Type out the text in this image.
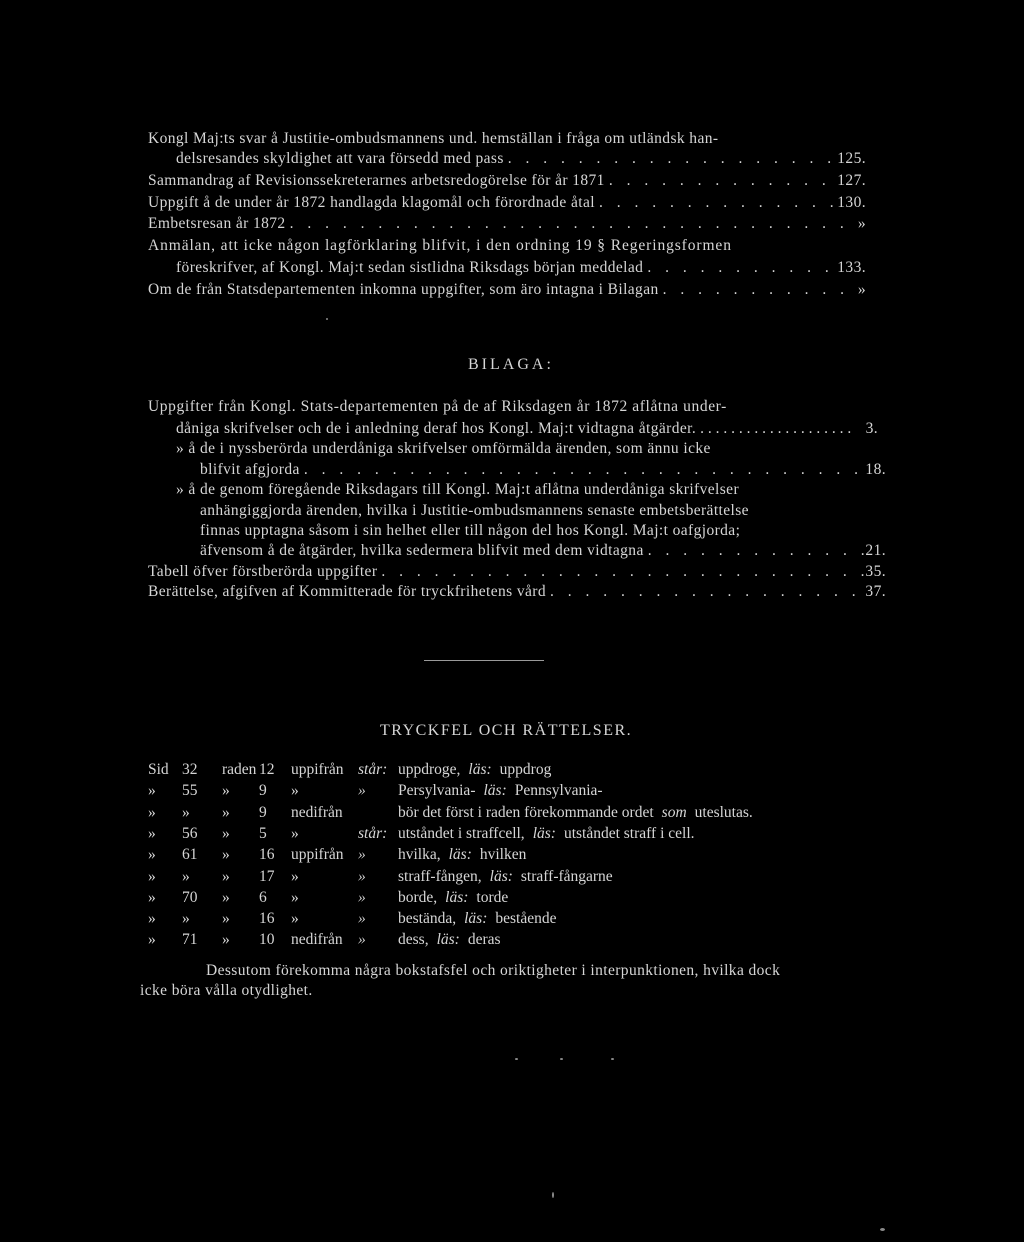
Kongl Maj:ts svar å Justitie-ombudsmannens und. hemställan i fråga om utländsk han-
delsresandes skyldighet att vara försedd med pass . . .	125.
Sammandrag af Revisionssekreterarnes arbetsredogörelse för år 1871 . . .	127.
Uppgift å de under år 1872 handlagda klagomål och förordnade åtal . . .	130.
Embetsresan år 1872 . . .	»
Anmälan, att icke någon lagförklaring blifvit, i den ordning 19 § Regeringsformen
föreskrifver, af Kongl. Maj:t sedan sistlidna Riksdags början meddelad . . .	133.
Om de från Statsdepartementen inkomna uppgifter, som äro intagna i Bilagan . . .	»
BILAGA:
Uppgifter från Kongl. Stats-departementen på de af Riksdagen år 1872 aflåtna under-
dåniga skrifvelser och de i anledning deraf hos Kongl. Maj:t vidtagna åtgärder. . . .	3.
» å de i nyssberörda underdåniga skrifvelser omförmälda ärenden, som ännu icke
blifvit afgjorda . . .	18.
» å de genom föregående Riksdagars till Kongl. Maj:t aflåtna underdåniga skrifvelser
anhängiggjorda ärenden, hvilka i Justitie-ombudsmannens senaste embetsberättelse
finnas upptagna såsom i sin helhet eller till någon del hos Kongl. Maj:t oafgjorda;
äfvensom å de åtgärder, hvilka sedermera blifvit med dem vidtagna . . .	21.
Tabell öfver förstberörda uppgifter . . .	35.
Berättelse, afgifven af Kommitterade för tryckfrihetens vård . . .	37.
TRYCKFEL OCH RÄTTELSER.
Sid 32 raden 12 uppifrån står: uppdroge, läs: uppdrog
» 55 » 9 »	» Persylvania- läs: Pennsylvania-
» » » 9 nedifrån	bör det först i raden förekommande ordet som uteslutas.
» 56 » 5 »	står: utståndet i straffcell, läs: utståndet straff i cell.
» 61 » 16 uppifrån » hvilka, läs: hvilken
» » » 17 »	» straff-fången, läs: straff-fångarne
» 70 » 6 »	» borde, läs: torde
» » » 16 »	» bestända, läs: bestående
» 71 » 10 nedifrån » dess, läs: deras
Dessutom förekomma några bokstafsfel och oriktigheter i interpunktionen, hvilka dock
icke böra vålla otydlighet.
